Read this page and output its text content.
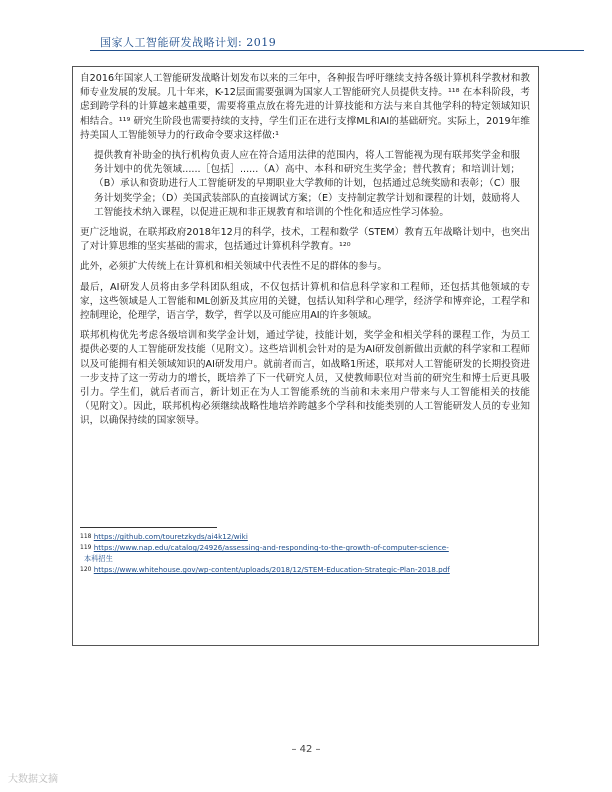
国家人工智能研发战略计划: 2019

自2016年国家人工智能研发战略计划发布以来的三年中，各种报告呼吁继续支持各级计算机科学教材和教师专业发展的发展。几十年来，K-12层面需要强调为国家人工智能研究人员提供支持。¹¹⁸ 在本科阶段，考虑到跨学科的计算越来越重要，需要将重点放在将先进的计算技能和方法与来自其他学科的特定领域知识相结合。¹¹⁹ 研究生阶段也需要持续的支持，学生们正在进行支撑ML和AI的基础研究。实际上，2019年维持美国人工智能领导力的行政命令要求这样做:¹

提供教育补助金的执行机构负责人应在符合适用法律的范围内，将人工智能视为现有联邦奖学金和服务计划中的优先领域......［包括］......（A）高中、本科和研究生奖学金；替代教育；和培训计划；（B）承认和资助进行人工智能研发的早期职业大学教师的计划，包括通过总统奖励和表彰；（C）服务计划奖学金；（D）美国武装部队的直接调试方案；（E）支持制定教学计划和课程的计划，鼓励将人工智能技术纳入课程，以促进正规和非正规教育和培训的个性化和适应性学习体验。

更广泛地说，在联邦政府2018年12月的科学，技术，工程和数学（STEM）教育五年战略计划中，也突出了对计算思维的坚实基础的需求，包括通过计算机科学教育。¹²⁰

此外，必须扩大传统上在计算机和相关领域中代表性不足的群体的参与。

最后，AI研发人员将由多学科团队组成，不仅包括计算机和信息科学家和工程师，还包括其他领域的专家，这些领域是人工智能和ML创新及其应用的关键，包括认知科学和心理学，经济学和博弈论，工程学和控制理论，伦理学，语言学，数学，哲学以及可能应用AI的许多领域。

联邦机构优先考虑各级培训和奖学金计划，通过学徒，技能计划，奖学金和相关学科的课程工作，为员工提供必要的人工智能研发技能（见附文）。这些培训机会针对的是为AI研发创新做出贡献的科学家和工程师以及可能拥有相关领域知识的AI研发用户。就前者而言，如战略1所述，联邦对人工智能研发的长期投资进一步支持了这一劳动力的增长，既培养了下一代研究人员，又使教师职位对当前的研究生和博士后更具吸引力。学生们，就后者而言，新计划正在为人工智能系统的当前和未来用户带来与人工智能相关的技能（见附文）。因此，联邦机构必须继续战略性地培养跨越多个学科和技能类别的人工智能研发人员的专业知识，以确保持续的国家领导。

$^{118}$ https://github.com/touretzkyds/ai4k12/wiki

$^{119}$ https://www.nap.edu/catalog/24926/assessing-and-responding-to-the-growth-of-computer-science-
本科招生

$^{120}$ https://www.whitehouse.gov/wp-content/uploads/2018/12/STEM-Education-Strategic-Plan-2018.pdf

– 42 –
大数据文摘
